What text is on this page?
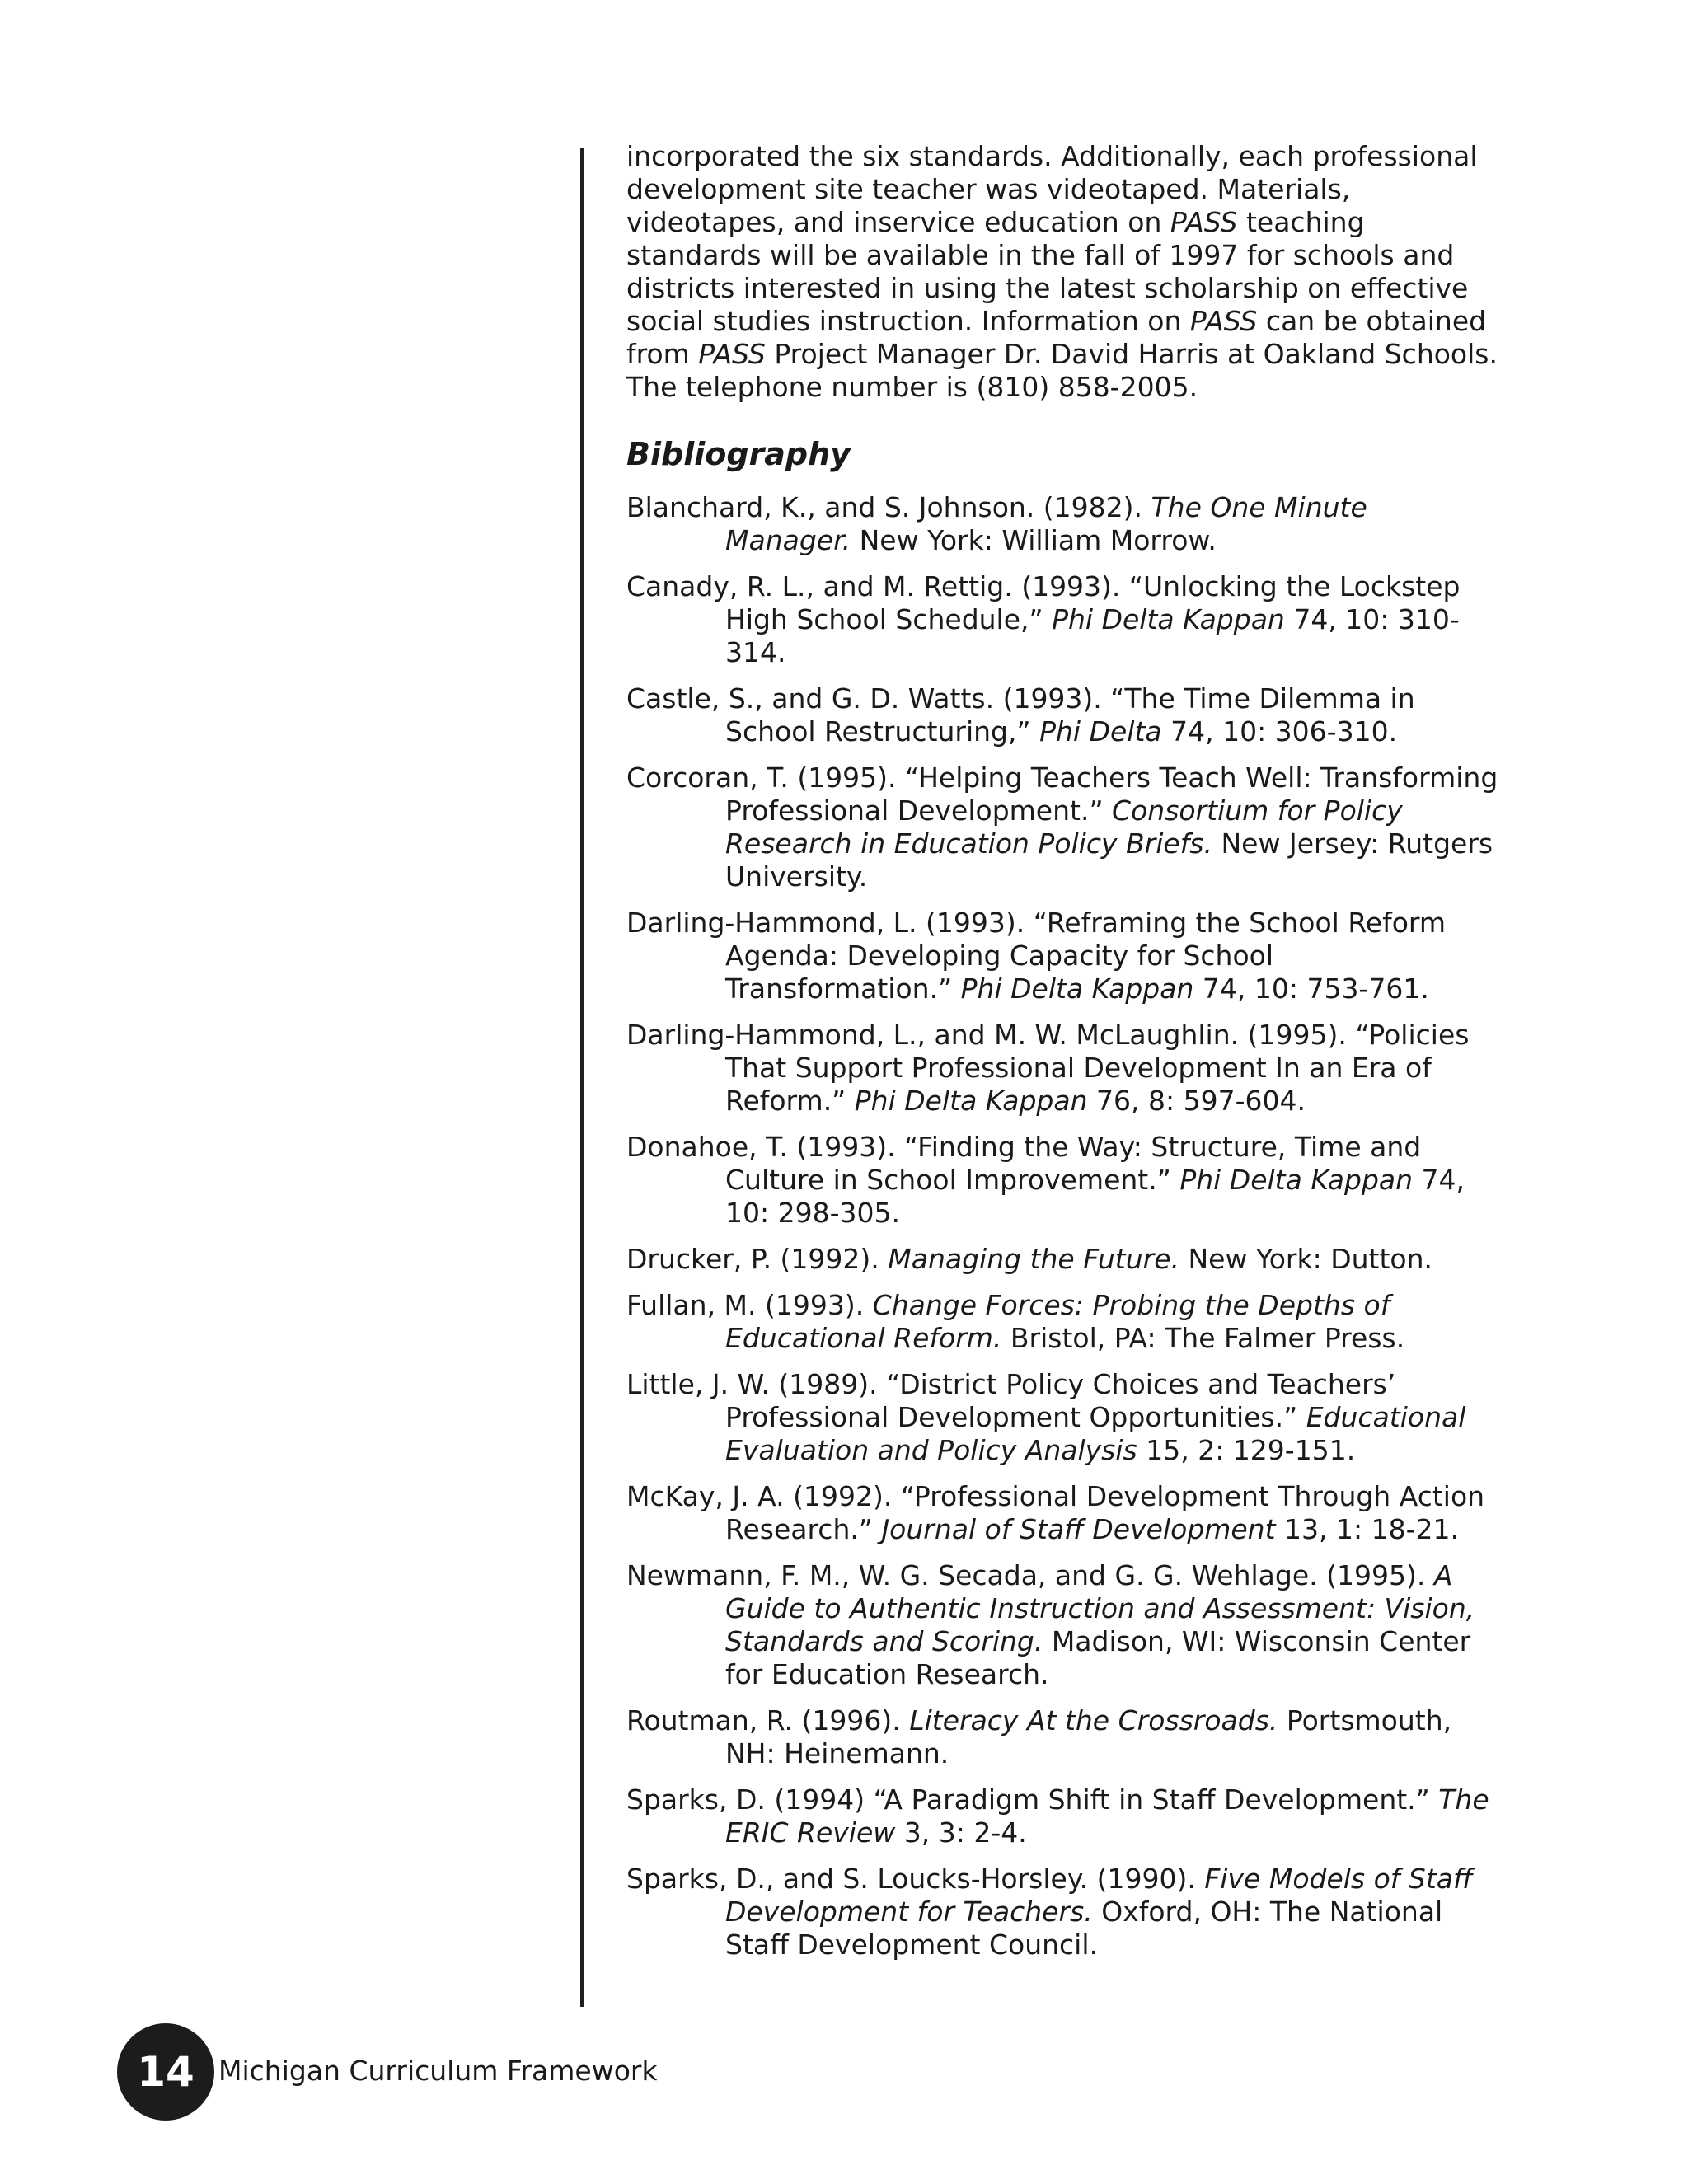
incorporated the six standards. Additionally, each professional development site teacher was videotaped. Materials, videotapes, and inservice education on PASS teaching standards will be available in the fall of 1997 for schools and districts interested in using the latest scholarship on effective social studies instruction. Information on PASS can be obtained from PASS Project Manager Dr. David Harris at Oakland Schools. The telephone number is (810) 858-2005.

Bibliography
Blanchard, K., and S. Johnson. (1982). The One Minute Manager. New York: William Morrow.
Canady, R. L., and M. Rettig. (1993). “Unlocking the Lockstep High School Schedule,” Phi Delta Kappan 74, 10: 310-314.
Castle, S., and G. D. Watts. (1993). “The Time Dilemma in School Restructuring,” Phi Delta 74, 10: 306-310.
Corcoran, T. (1995). “Helping Teachers Teach Well: Transforming Professional Development.” Consortium for Policy Research in Education Policy Briefs. New Jersey: Rutgers University.
Darling-Hammond, L. (1993). “Reframing the School Reform Agenda: Developing Capacity for School Transformation.” Phi Delta Kappan 74, 10: 753-761.
Darling-Hammond, L., and M. W. McLaughlin. (1995). “Policies That Support Professional Development In an Era of Reform.” Phi Delta Kappan 76, 8: 597-604.
Donahoe, T. (1993). “Finding the Way: Structure, Time and Culture in School Improvement.” Phi Delta Kappan 74, 10: 298-305.
Drucker, P. (1992). Managing the Future. New York: Dutton.
Fullan, M. (1993). Change Forces: Probing the Depths of Educational Reform. Bristol, PA: The Falmer Press.
Little, J. W. (1989). “District Policy Choices and Teachers’ Professional Development Opportunities.” Educational Evaluation and Policy Analysis 15, 2: 129-151.
McKay, J. A. (1992). “Professional Development Through Action Research.” Journal of Staff Development 13, 1: 18-21.
Newmann, F. M., W. G. Secada, and G. G. Wehlage. (1995). A Guide to Authentic Instruction and Assessment: Vision, Standards and Scoring. Madison, WI: Wisconsin Center for Education Research.
Routman, R. (1996). Literacy At the Crossroads. Portsmouth, NH: Heinemann.
Sparks, D. (1994) “A Paradigm Shift in Staff Development.” The ERIC Review 3, 3: 2-4.
Sparks, D., and S. Loucks-Horsley. (1990). Five Models of Staff Development for Teachers. Oxford, OH: The National Staff Development Council.
14 Michigan Curriculum Framework
